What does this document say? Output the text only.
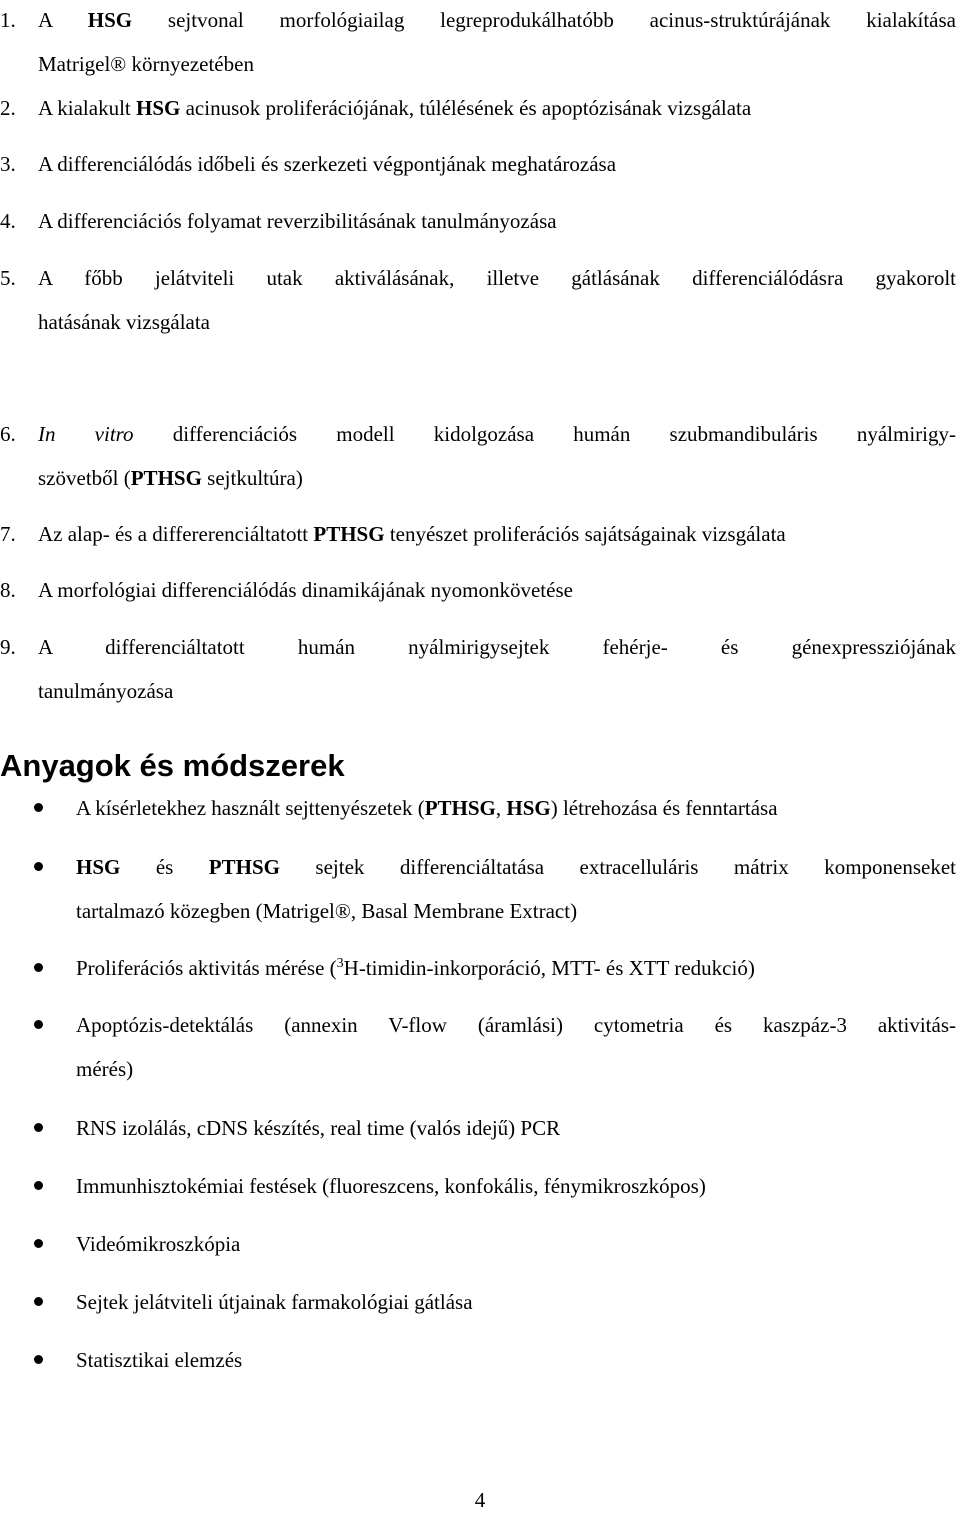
1. A HSG sejtvonal morfológiailag legreprodukálhatóbb acinus-struktúrájának kialakítása
Matrigel® környezetében
2. A kialakult HSG acinusok proliferációjának, túlélésének és apoptózisának vizsgálata
3. A differenciálódás időbeli és szerkezeti végpontjának meghatározása
4. A differenciációs folyamat reverzibilitásának tanulmányozása
5. A főbb jelátviteli utak aktiválásának, illetve gátlásának differenciálódásra gyakorolt
hatásának vizsgálata
6. In vitro differenciációs modell kidolgozása humán szubmandibuláris nyálmirigy-
szövetből (PTHSG sejtkultúra)
7. Az alap- és a differerenciáltatott PTHSG tenyészet proliferációs sajátságainak vizsgálata
8. A morfológiai differenciálódás dinamikájának nyomonkövetése
9. A differenciáltatott humán nyálmirigysejtek fehérje- és génexpressziójának
tanulmányozása
Anyagok és módszerek
A kísérletekhez használt sejttenyészetek (PTHSG, HSG) létrehozása és fenntartása
HSG és PTHSG sejtek differenciáltatása extracelluláris mátrix komponenseket
tartalmazó közegben (Matrigel®, Basal Membrane Extract)
Proliferációs aktivitás mérése ($^3$H-timidin-inkorporáció, MTT- és XTT redukció)
Apoptózis-detektálás (annexin V-flow (áramlási) cytometria és kaszpáz-3 aktivitás-
mérés)
RNS izolálás, cDNS készítés, real time (valós idejű) PCR
Immunhisztokémiai festések (fluoreszcens, konfokális, fénymikroszkópos)
Videómikroszkópia
Sejtek jelátviteli útjainak farmakológiai gátlása
Statisztikai elemzés
4
